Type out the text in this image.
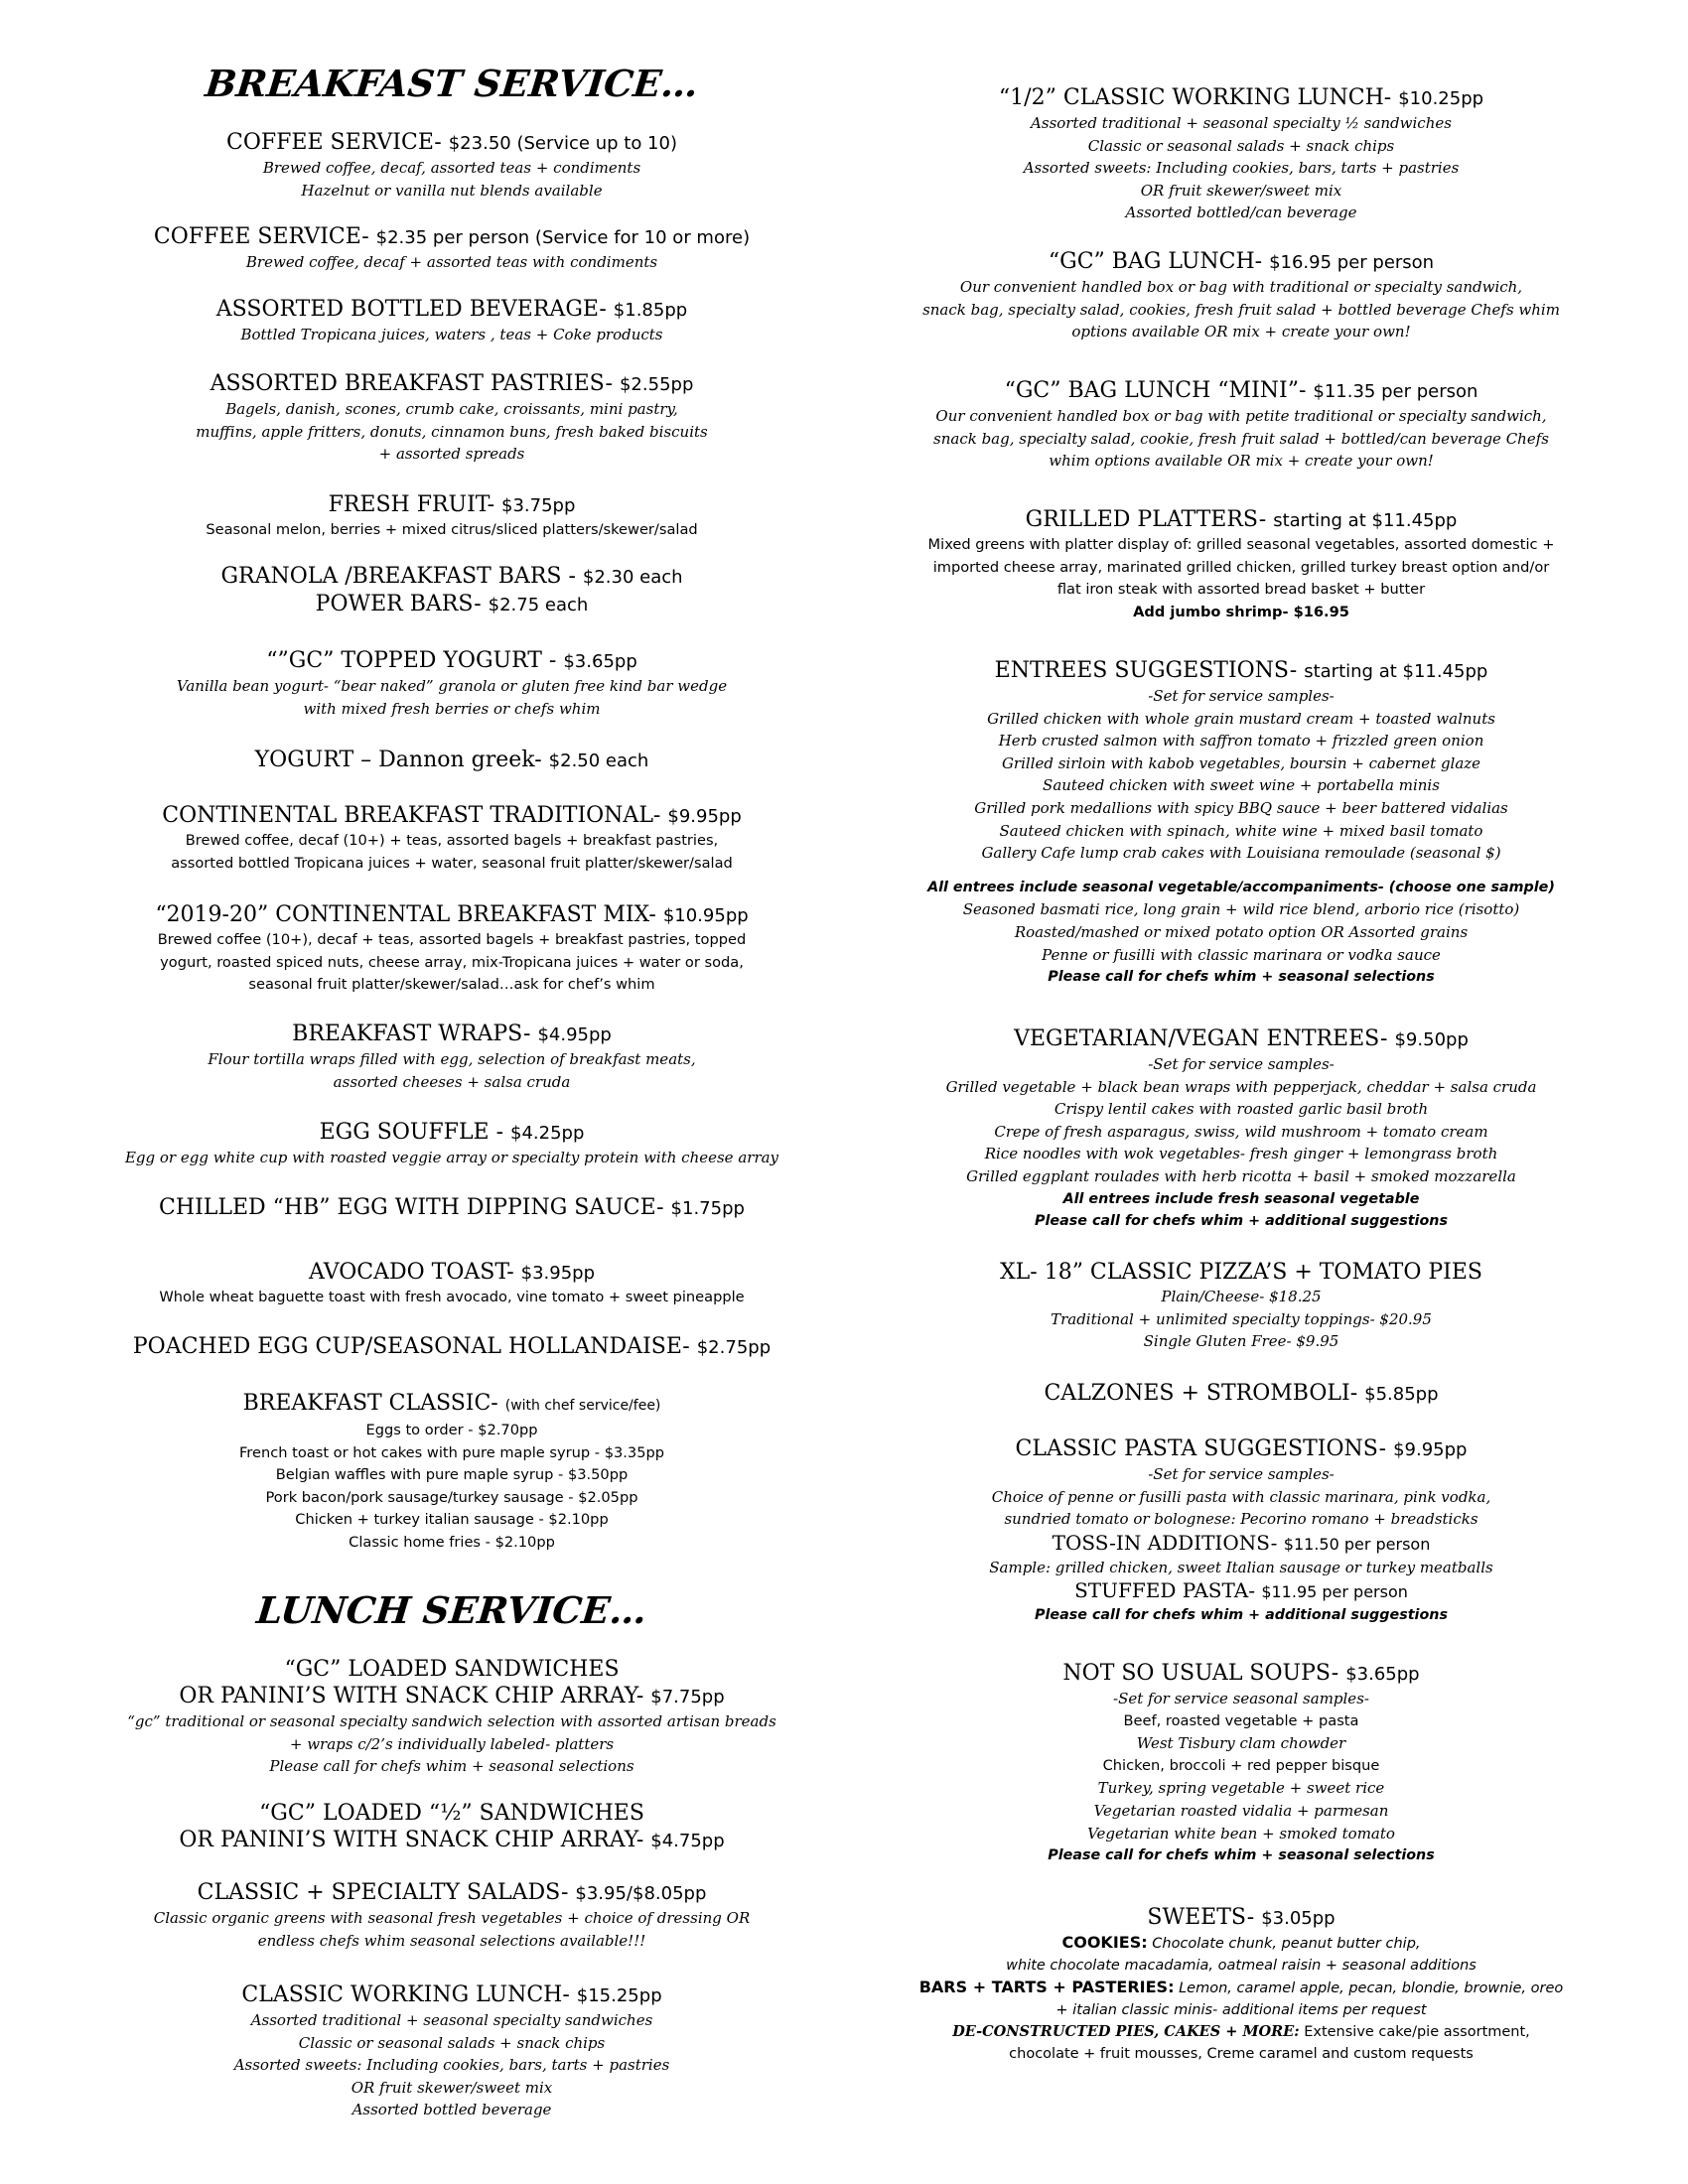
BREAKFAST SERVICE…
COFFEE SERVICE- $23.50 (Service up to 10)
Brewed coffee, decaf, assorted teas + condiments
Hazelnut or vanilla nut blends available
COFFEE SERVICE- $2.35 per person (Service for 10 or more)
Brewed coffee, decaf + assorted teas with condiments
ASSORTED BOTTLED BEVERAGE- $1.85pp
Bottled Tropicana juices, waters , teas + Coke products
ASSORTED BREAKFAST PASTRIES- $2.55pp
Bagels, danish, scones, crumb cake, croissants, mini pastry,
muffins, apple fritters, donuts, cinnamon buns, fresh baked biscuits
+ assorted spreads
FRESH FRUIT- $3.75pp
Seasonal melon, berries + mixed citrus/sliced platters/skewer/salad
GRANOLA /BREAKFAST BARS - $2.30 each
POWER BARS- $2.75 each
“”GC” TOPPED YOGURT - $3.65pp
Vanilla bean yogurt- “bear naked” granola or gluten free kind bar wedge
with mixed fresh berries or chefs whim
YOGURT – Dannon greek- $2.50 each
CONTINENTAL BREAKFAST TRADITIONAL- $9.95pp
Brewed coffee, decaf (10+) + teas, assorted bagels + breakfast pastries,
assorted bottled Tropicana juices + water, seasonal fruit platter/skewer/salad
“2019-20” CONTINENTAL BREAKFAST MIX- $10.95pp
Brewed coffee (10+), decaf + teas, assorted bagels + breakfast pastries, topped
yogurt, roasted spiced nuts, cheese array, mix-Tropicana juices + water or soda,
seasonal fruit platter/skewer/salad…ask for chef’s whim
BREAKFAST WRAPS- $4.95pp
Flour tortilla wraps filled with egg, selection of breakfast meats,
assorted cheeses + salsa cruda
EGG SOUFFLE - $4.25pp
Egg or egg white cup with roasted veggie array or specialty protein with cheese array
CHILLED “HB” EGG WITH DIPPING SAUCE- $1.75pp
AVOCADO TOAST- $3.95pp
Whole wheat baguette toast with fresh avocado, vine tomato + sweet pineapple
POACHED EGG CUP/SEASONAL HOLLANDAISE- $2.75pp
BREAKFAST CLASSIC- (with chef service/fee)
Eggs to order - $2.70pp
French toast or hot cakes with pure maple syrup - $3.35pp
Belgian waffles with pure maple syrup - $3.50pp
Pork bacon/pork sausage/turkey sausage - $2.05pp
Chicken + turkey italian sausage - $2.10pp
Classic home fries - $2.10pp
LUNCH SERVICE…
“GC” LOADED SANDWICHES
OR PANINI’S WITH SNACK CHIP ARRAY- $7.75pp
“gc” traditional or seasonal specialty sandwich selection with assorted artisan breads
+ wraps c/2’s individually labeled- platters
Please call for chefs whim + seasonal selections
“GC” LOADED “½” SANDWICHES
OR PANINI’S WITH SNACK CHIP ARRAY- $4.75pp
CLASSIC + SPECIALTY SALADS- $3.95/$8.05pp
Classic organic greens with seasonal fresh vegetables + choice of dressing OR
endless chefs whim seasonal selections available!!!
CLASSIC WORKING LUNCH- $15.25pp
Assorted traditional + seasonal specialty sandwiches
Classic or seasonal salads + snack chips
Assorted sweets: Including cookies, bars, tarts + pastries
OR fruit skewer/sweet mix
Assorted bottled beverage
“1/2” CLASSIC WORKING LUNCH- $10.25pp
Assorted traditional + seasonal specialty ½ sandwiches
Classic or seasonal salads + snack chips
Assorted sweets: Including cookies, bars, tarts + pastries
OR fruit skewer/sweet mix
Assorted bottled/can beverage
“GC” BAG LUNCH- $16.95 per person
Our convenient handled box or bag with traditional or specialty sandwich,
snack bag, specialty salad, cookies, fresh fruit salad + bottled beverage Chefs whim
options available OR mix + create your own!
“GC” BAG LUNCH “MINI”- $11.35 per person
Our convenient handled box or bag with petite traditional or specialty sandwich,
snack bag, specialty salad, cookie, fresh fruit salad + bottled/can beverage Chefs
whim options available OR mix + create your own!
GRILLED PLATTERS- starting at $11.45pp
Mixed greens with platter display of: grilled seasonal vegetables, assorted domestic +
imported cheese array, marinated grilled chicken, grilled turkey breast option and/or
flat iron steak with assorted bread basket + butter
Add jumbo shrimp- $16.95
ENTREES SUGGESTIONS- starting at $11.45pp
-Set for service samples-
Grilled chicken with whole grain mustard cream + toasted walnuts
Herb crusted salmon with saffron tomato + frizzled green onion
Grilled sirloin with kabob vegetables, boursin + cabernet glaze
Sauteed chicken with sweet wine + portabella minis
Grilled pork medallions with spicy BBQ sauce + beer battered vidalias
Sauteed chicken with spinach, white wine + mixed basil tomato
Gallery Cafe lump crab cakes with Louisiana remoulade (seasonal $)
All entrees include seasonal vegetable/accompaniments- (choose one sample)
Seasoned basmati rice, long grain + wild rice blend, arborio rice (risotto)
Roasted/mashed or mixed potato option OR Assorted grains
Penne or fusilli with classic marinara or vodka sauce
Please call for chefs whim + seasonal selections
VEGETARIAN/VEGAN ENTREES- $9.50pp
-Set for service samples-
Grilled vegetable + black bean wraps with pepperjack, cheddar + salsa cruda
Crispy lentil cakes with roasted garlic basil broth
Crepe of fresh asparagus, swiss, wild mushroom + tomato cream
Rice noodles with wok vegetables- fresh ginger + lemongrass broth
Grilled eggplant roulades with herb ricotta + basil + smoked mozzarella
All entrees include fresh seasonal vegetable
Please call for chefs whim + additional suggestions
XL- 18” CLASSIC PIZZA’S + TOMATO PIES
Plain/Cheese- $18.25
Traditional + unlimited specialty toppings- $20.95
Single Gluten Free- $9.95
CALZONES + STROMBOLI- $5.85pp
CLASSIC PASTA SUGGESTIONS- $9.95pp
-Set for service samples-
Choice of penne or fusilli pasta with classic marinara, pink vodka,
sundried tomato or bolognese: Pecorino romano + breadsticks
TOSS-IN ADDITIONS- $11.50 per person
Sample: grilled chicken, sweet Italian sausage or turkey meatballs
STUFFED PASTA- $11.95 per person
Please call for chefs whim + additional suggestions
NOT SO USUAL SOUPS- $3.65pp
-Set for service seasonal samples-
Beef, roasted vegetable + pasta
West Tisbury clam chowder
Chicken, broccoli + red pepper bisque
Turkey, spring vegetable + sweet rice
Vegetarian roasted vidalia + parmesan
Vegetarian white bean + smoked tomato
Please call for chefs whim + seasonal selections
SWEETS- $3.05pp
COOKIES: Chocolate chunk, peanut butter chip,
white chocolate macadamia, oatmeal raisin + seasonal additions
BARS + TARTS + PASTERIES: Lemon, caramel apple, pecan, blondie, brownie, oreo
+ italian classic minis- additional items per request
DE-CONSTRUCTED PIES, CAKES + MORE: Extensive cake/pie assortment,
chocolate + fruit mousses, Creme caramel and custom requests
